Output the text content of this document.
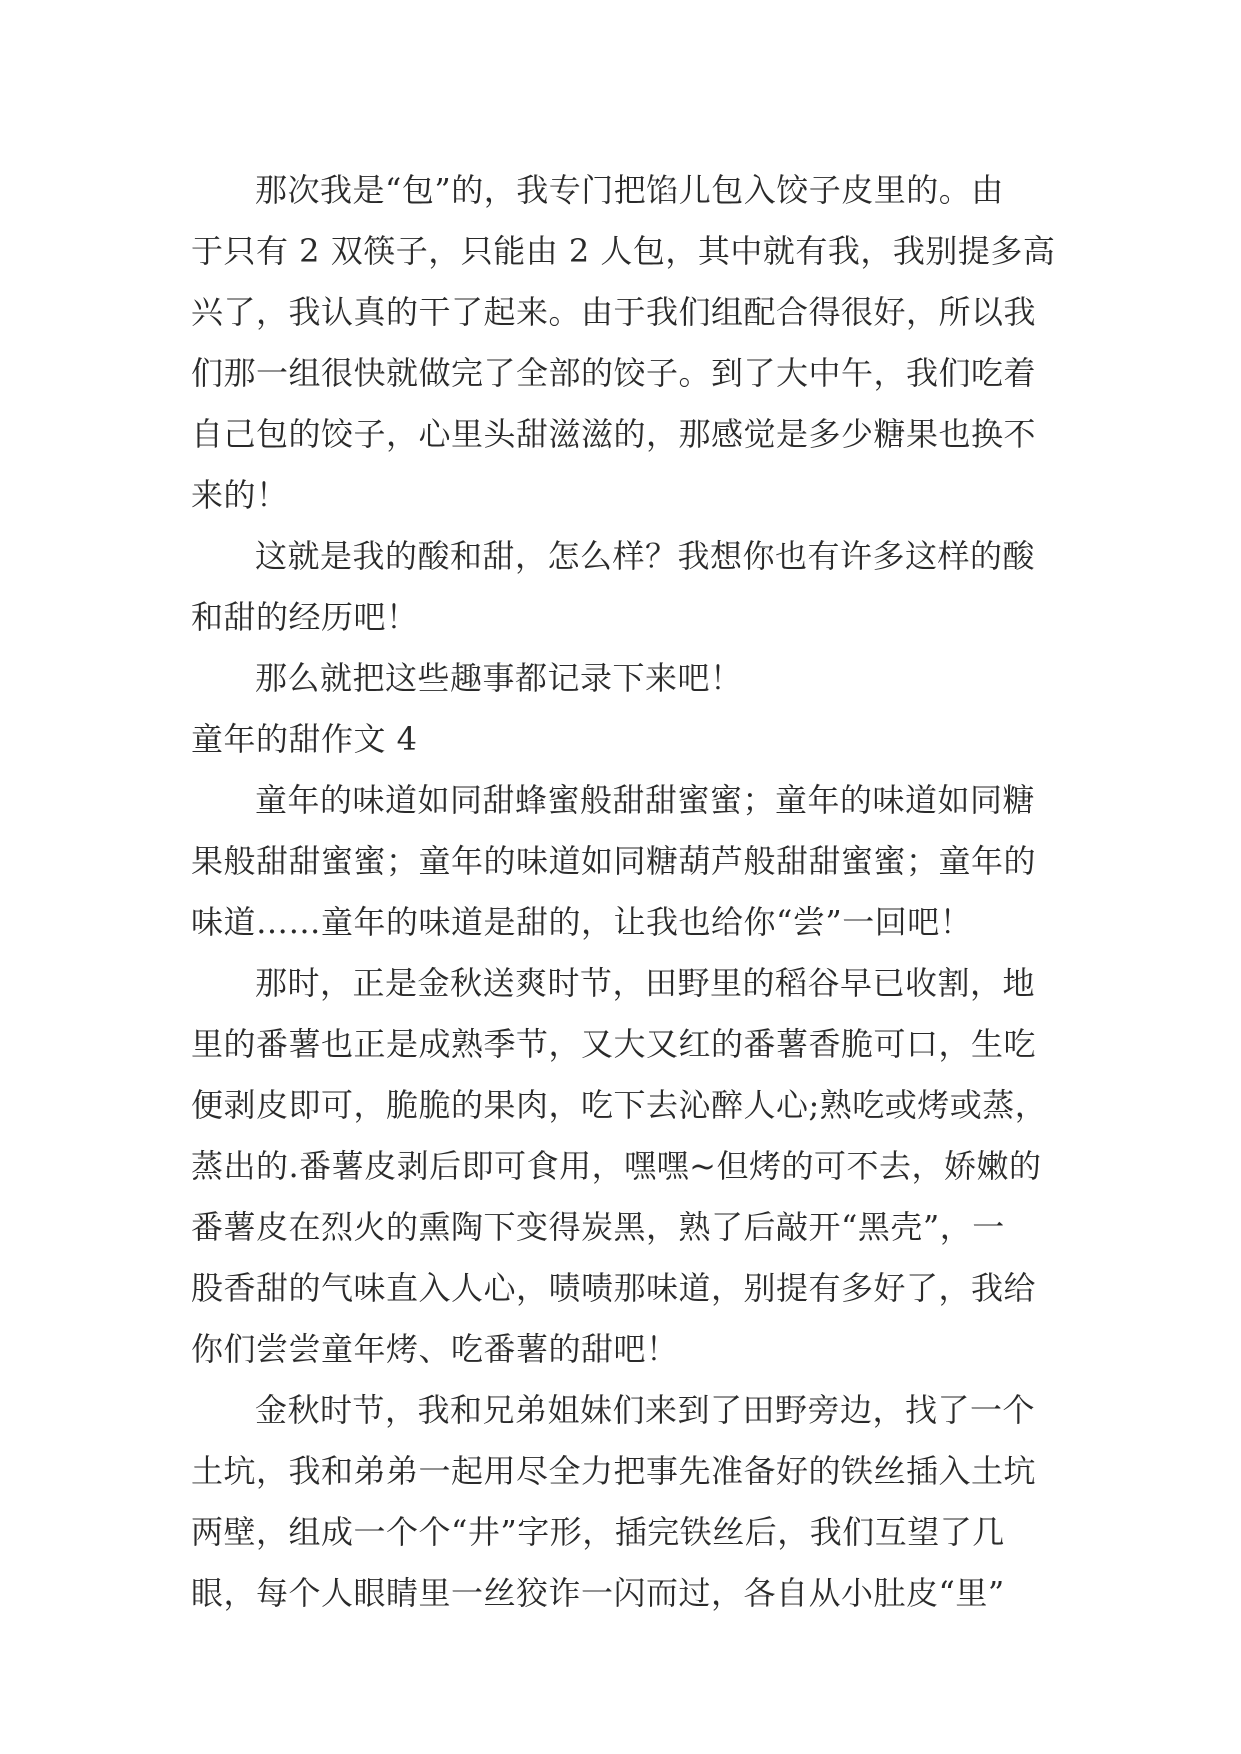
那次我是“包”的，我专门把馅儿包入饺子皮里的。由
于只有 2 双筷子，只能由 2 人包，其中就有我，我别提多高
兴了，我认真的干了起来。由于我们组配合得很好，所以我
们那一组很快就做完了全部的饺子。到了大中午，我们吃着
自己包的饺子，心里头甜滋滋的，那感觉是多少糖果也换不
来的！
这就是我的酸和甜，怎么样？我想你也有许多这样的酸
和甜的经历吧！
那么就把这些趣事都记录下来吧！
童年的甜作文 4
童年的味道如同甜蜂蜜般甜甜蜜蜜；童年的味道如同糖
果般甜甜蜜蜜；童年的味道如同糖葫芦般甜甜蜜蜜；童年的
味道……童年的味道是甜的，让我也给你“尝”一回吧！
那时，正是金秋送爽时节，田野里的稻谷早已收割，地
里的番薯也正是成熟季节，又大又红的番薯香脆可口，生吃
便剥皮即可，脆脆的果肉，吃下去沁醉人心;熟吃或烤或蒸，
蒸出的.番薯皮剥后即可食用，嘿嘿~但烤的可不去，娇嫩的
番薯皮在烈火的熏陶下变得炭黑，熟了后敲开“黑壳”，一
股香甜的气味直入人心，啧啧那味道，别提有多好了，我给
你们尝尝童年烤、吃番薯的甜吧！
金秋时节，我和兄弟姐妹们来到了田野旁边，找了一个
土坑，我和弟弟一起用尽全力把事先准备好的铁丝插入土坑
两壁，组成一个个“井”字形，插完铁丝后，我们互望了几
眼，每个人眼睛里一丝狡诈一闪而过，各自从小肚皮“里”
